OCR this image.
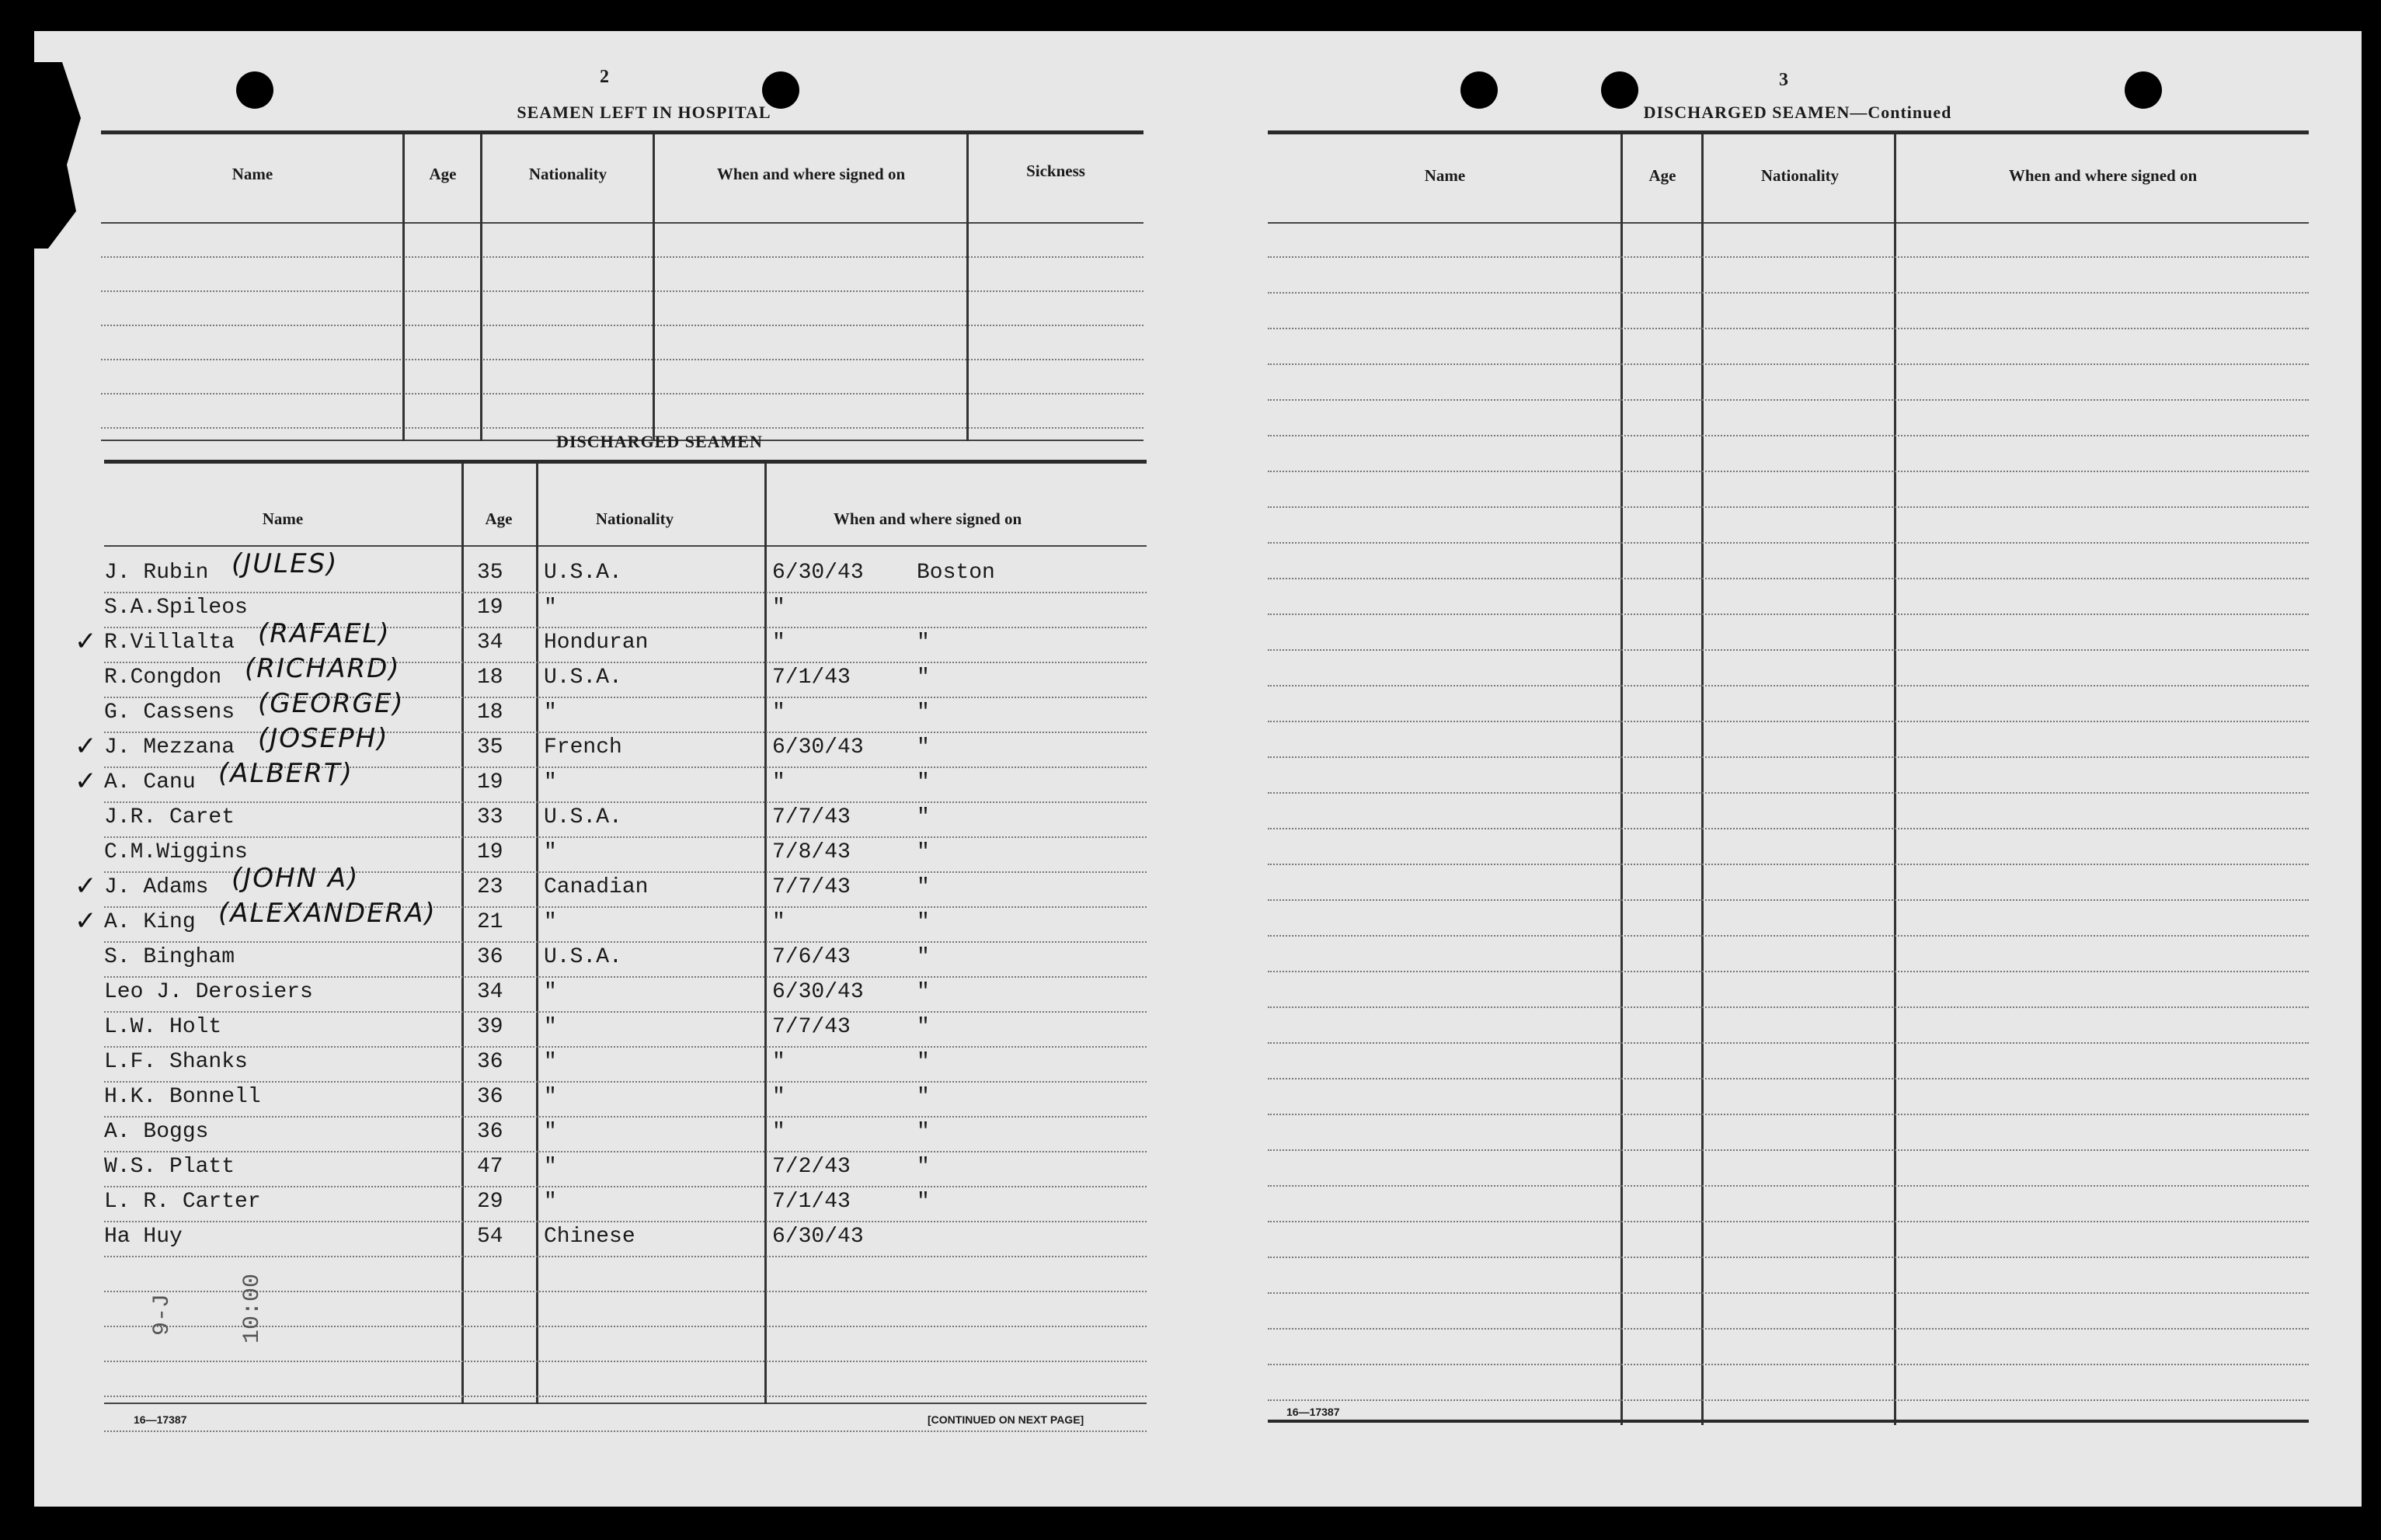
2
SEAMEN LEFT IN HOSPITAL
Name	Age	Nationality	When and where signed on	Sickness
DISCHARGED SEAMEN
Name	Age	Nationality	When and where signed on
J. Rubin (JULES)	35 U.S.A.	6/30/43 Boston
S.A.Spileos	19 "	"
✓ R.Villalta (RAFAEL)	34 Honduran	"	"
R.Congdon (RICHARD)	18 U.S.A.	7/1/43	"
G. Cassens (GEORGE)	18 "	"	"
✓ J. Mezzana (JOSEPH)	35 French	6/30/43 "
✓ A. Canu (ALBERT)	19 "	"	"
J.R. Caret	33 U.S.A.	7/7/43	"
C.M.Wiggins	19 "	7/8/43	"
✓ J. Adams (JOHN A)	23 Canadian	7/7/43	"
✓ A. King (ALEXANDERA) 21 "	"	"
S. Bingham	36 U.S.A.	7/6/43	"
Leo J. Derosiers	34 "	6/30/43 "
L.W. Holt	39 "	7/7/43	"
L.F. Shanks	36 "	"	"
H.K. Bonnell	36 "	"	"
A. Boggs	36 "	"	"
W.S. Platt	47 "	7/2/43	"
L. R. Carter	29 "	7/1/43	"
Ha Huy	54 Chinese	6/30/43
9-J	10:00
16—17387	[CONTINUED ON NEXT PAGE]
3
DISCHARGED SEAMEN—Continued
Name	Age	Nationality	When and where signed on
16—17387
